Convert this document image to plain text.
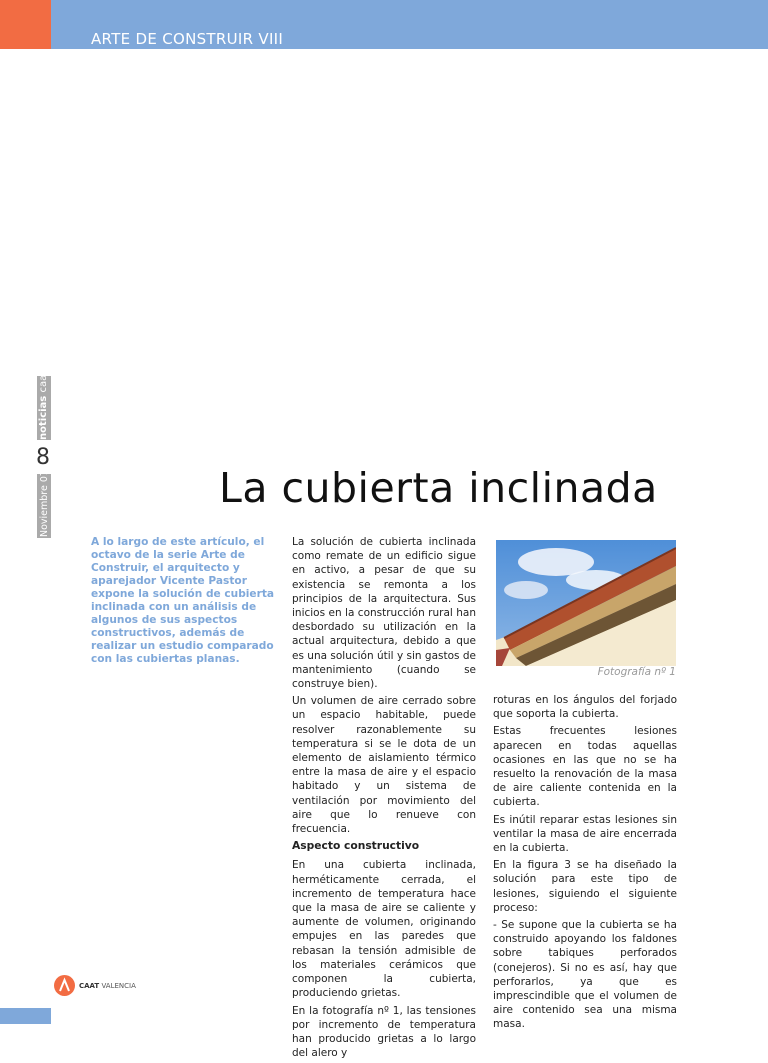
ARTE DE CONSTRUIR VIII
noticias caat
8
Noviembre 07	La cubierta inclinada
A lo largo de este artículo, el octavo de la serie Arte de Construir, el arquitecto y aparejador Vicente Pastor expone la solución de cubierta inclinada con un análisis de algunos de sus aspectos constructivos, además de realizar un estudio comparado con las cubiertas planas.

La solución de cubierta inclinada como remate de un edificio sigue en activo, a pesar de que su existencia se remonta a los principios de la arquitectura. Sus inicios en la construcción rural han desbordado su utilización en la actual arquitectura, debido a que es una solución útil y sin gastos de mantenimiento (cuando se construye bien).

Un volumen de aire cerrado sobre un espacio habitable, puede resolver razonablemente su temperatura si se le dota de un elemento de aislamiento térmico entre la masa de aire y el espacio habitado y un sistema de ventilación por movimiento del aire que lo renueve con frecuencia.

Aspecto constructivo

En una cubierta inclinada, herméticamente cerrada, el incremento de temperatura hace que la masa de aire se caliente y aumente de volumen, originando empujes en las paredes que rebasan la tensión admisible de los materiales cerámicos que componen la cubierta, produciendo grietas.

En la fotografía nº 1, las tensiones por incremento de temperatura han producido grietas a lo largo del alero y

Fotografía nº 1

roturas en los ángulos del forjado que soporta la cubierta.

Estas frecuentes lesiones aparecen en todas aquellas ocasiones en las que no se ha resuelto la renovación de la masa de aire caliente contenida en la cubierta.

Es inútil reparar estas lesiones sin ventilar la masa de aire encerrada en la cubierta.

En la figura 3 se ha diseñado la solución para este tipo de lesiones, siguiendo el siguiente proceso:

- Se supone que la cubierta se ha construido apoyando los faldones sobre tabiques perforados (conejeros). Si no es así, hay que perforarlos, ya que es imprescindible que el volumen de aire contenido sea una misma masa.

CAAT VALENCIA
